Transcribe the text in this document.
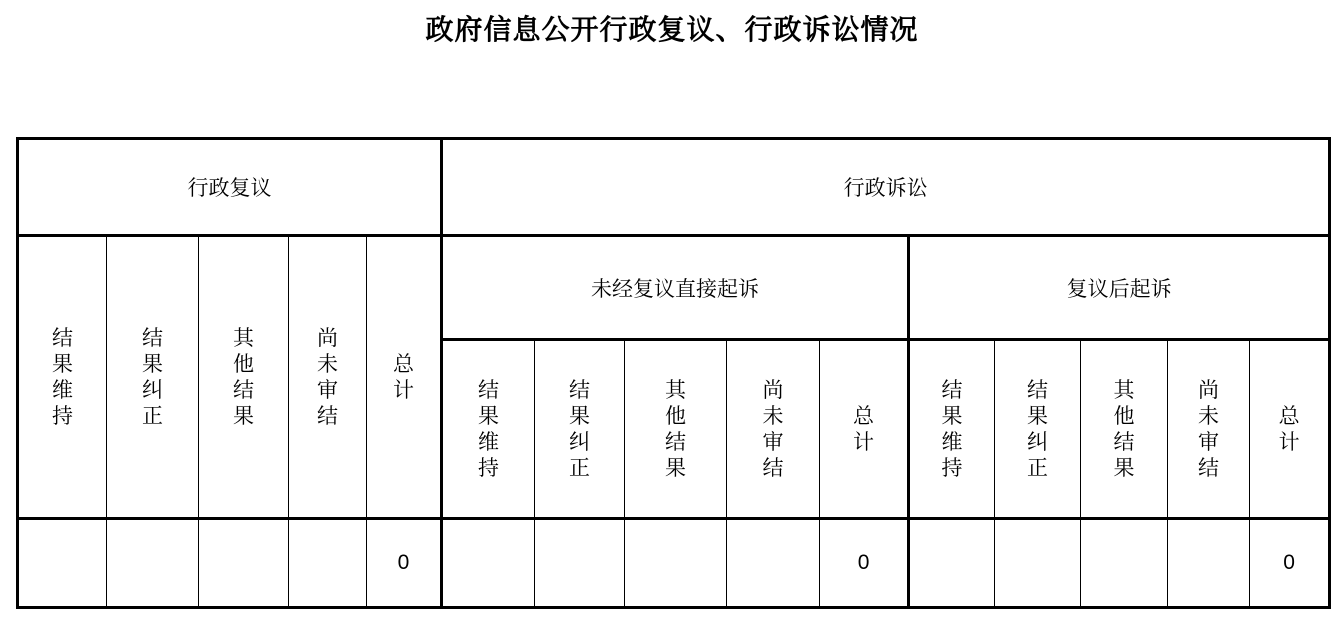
政府信息公开行政复议、行政诉讼情况
行政复议					行政诉讼									
结果维持	结果纠正	其他结果	尚未审结	总计	未经复议直接起诉					复议后起诉				
					结果维持	结果纠正	其他结果	尚未审结	总计	结果维持	结果纠正	其他结果	尚未审结	总计
				0					0					0
